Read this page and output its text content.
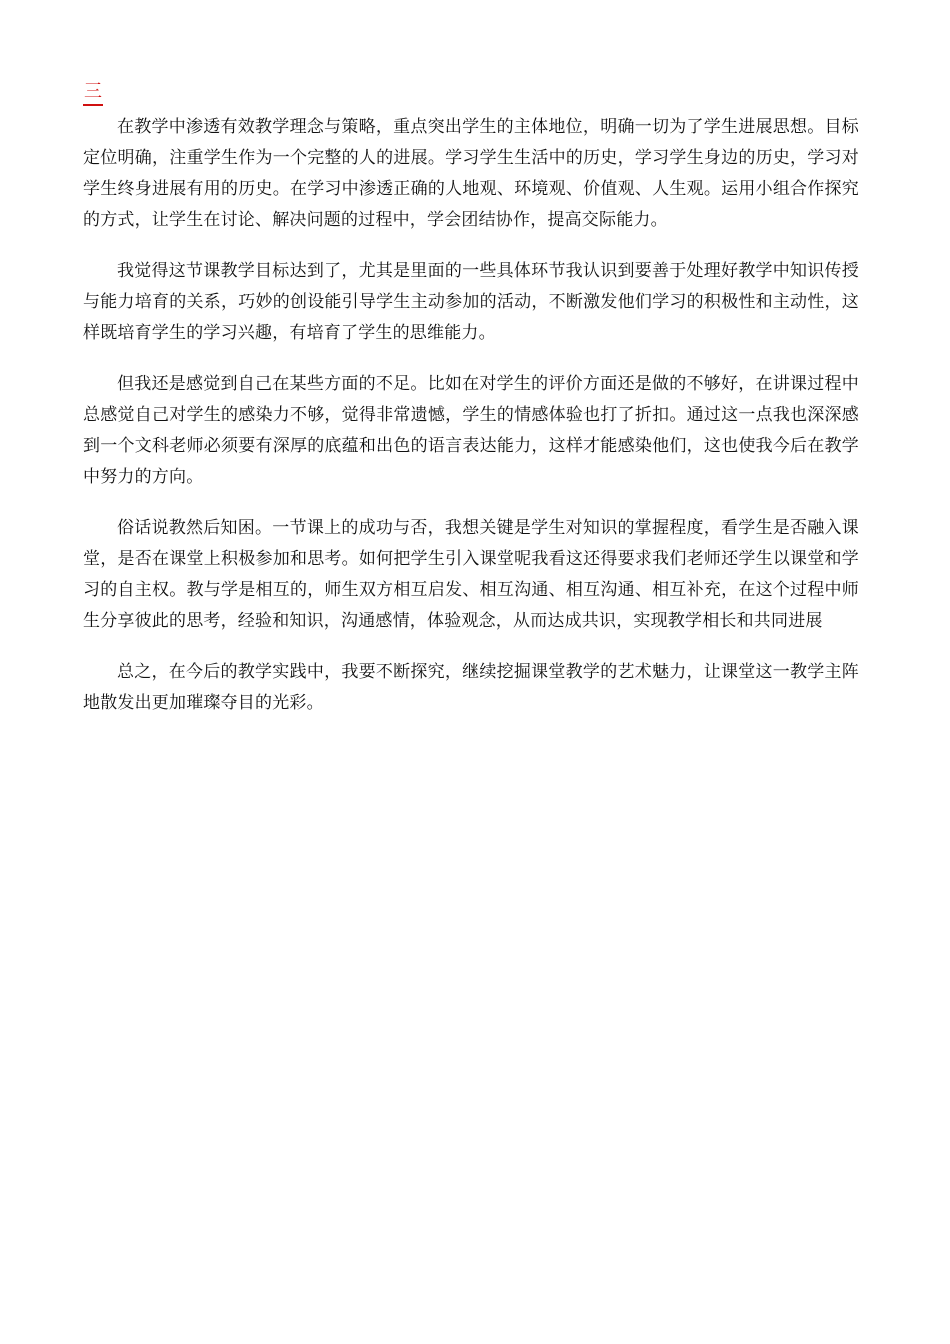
三

在教学中渗透有效教学理念与策略，重点突出学生的主体地位，明确一切为了学生进展思想。目标定位明确，注重学生作为一个完整的人的进展。学习学生生活中的历史，学习学生身边的历史，学习对学生终身进展有用的历史。在学习中渗透正确的人地观、环境观、价值观、人生观。运用小组合作探究的方式，让学生在讨论、解决问题的过程中，学会团结协作，提高交际能力。

我觉得这节课教学目标达到了，尤其是里面的一些具体环节我认识到要善于处理好教学中知识传授与能力培育的关系，巧妙的创设能引导学生主动参加的活动，不断激发他们学习的积极性和主动性，这样既培育学生的学习兴趣，有培育了学生的思维能力。

但我还是感觉到自己在某些方面的不足。比如在对学生的评价方面还是做的不够好，在讲课过程中总感觉自己对学生的感染力不够，觉得非常遗憾，学生的情感体验也打了折扣。通过这一点我也深深感到一个文科老师必须要有深厚的底蕴和出色的语言表达能力，这样才能感染他们，这也使我今后在教学中努力的方向。

俗话说教然后知困。一节课上的成功与否，我想关键是学生对知识的掌握程度，看学生是否融入课堂，是否在课堂上积极参加和思考。如何把学生引入课堂呢我看这还得要求我们老师还学生以课堂和学习的自主权。教与学是相互的，师生双方相互启发、相互沟通、相互沟通、相互补充，在这个过程中师生分享彼此的思考，经验和知识，沟通感情，体验观念，从而达成共识，实现教学相长和共同进展

总之，在今后的教学实践中，我要不断探究，继续挖掘课堂教学的艺术魅力，让课堂这一教学主阵地散发出更加璀璨夺目的光彩。
